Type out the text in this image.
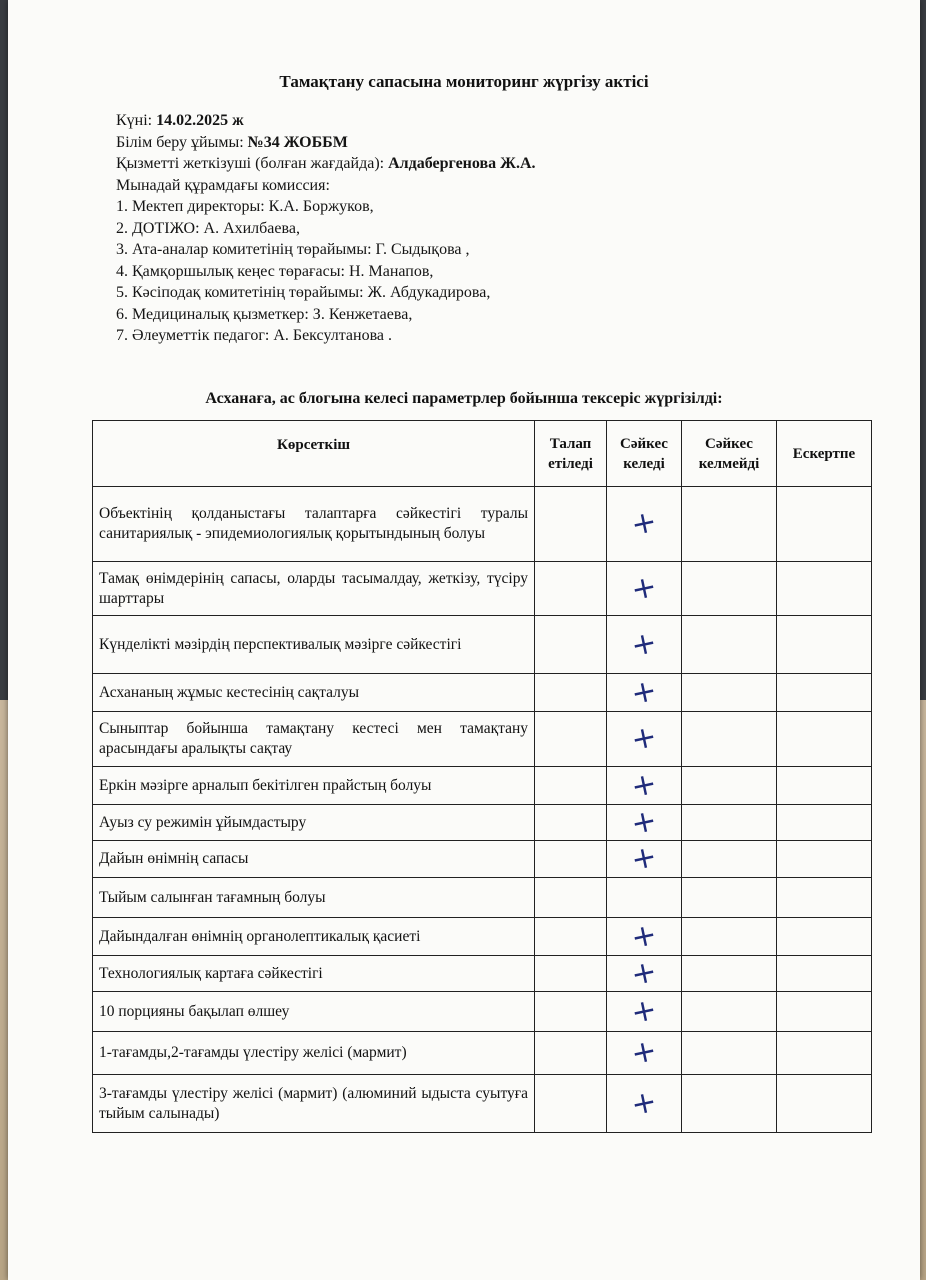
Тамақтану сапасына мониторинг жүргізу актісі
Күні: 14.02.2025 ж
Білім беру ұйымы: №34 ЖОББМ
Қызметті жеткізуші (болған жағдайда): Алдабергенова Ж.А.
Мынадай құрамдағы комиссия:
1. Мектеп директоры: К.А. Боржуков,
2. ДОТІЖО: А. Ахилбаева,
3. Ата-аналар комитетінің төрайымы: Г. Сыдықова ,
4. Қамқоршылық кеңес төрағасы: Н. Манапов,
5. Кәсіподақ комитетінің төрайымы: Ж. Абдукадирова,
6. Медициналық қызметкер: З. Кенжетаева,
7. Әлеуметтік педагог: А. Бексултанова .
Асханаға, ас блогына келесі параметрлер бойынша тексеріс жүргізілді:
Көрсеткіш	Талап етіледі	Сәйкес келеді	Сәйкес келмейді	Ескертпе
Объектінің қолданыстағы талаптарға сәйкестігі туралы санитариялық - эпидемиологиялық қорытындының болуы		+		

Тамақ өнімдерінің сапасы, оларды тасымалдау, жеткізу, түсіру шарттары		+		

Күнделікті мәзірдің перспективалық мәзірге сәйкестігі		+		

Асхананың жұмыс кестесінің сақталуы		+		

Сыныптар бойынша тамақтану кестесі мен тамақтану арасындағы аралықты сақтау		+		

Еркін мәзірге арналып бекітілген прайстың болуы		+		

Ауыз су режимін ұйымдастыру		+		

Дайын өнімнің сапасы		+		

Тыйым салынған тағамның болуы		

Дайындалған өнімнің органолептикалық қасиеті		+		

Технологиялық картаға сәйкестігі		+		

10 порцияны бақылап өлшеу		+		

1-тағамды,2-тағамды үлестіру желісі (мармит)		+		

3-тағамды үлестіру желісі (мармит) (алюминий ыдыста суытуға тыйым салынады)		+		
